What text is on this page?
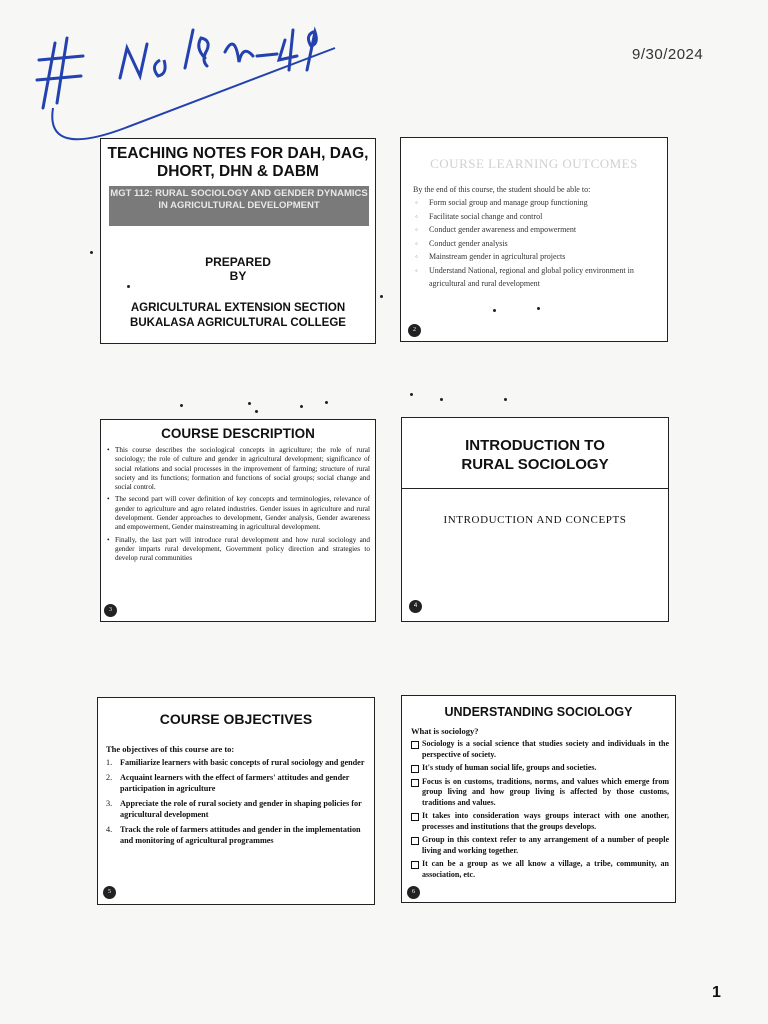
# No 1054 49
9/30/2024
TEACHING NOTES FOR DAH, DAG, DHORT, DHN & DABM
MGT 112: RURAL SOCIOLOGY AND GENDER DYNAMICS IN AGRICULTURAL DEVELOPMENT
PREPARED
BY
AGRICULTURAL EXTENSION SECTION
BUKALASA AGRICULTURAL COLLEGE
COURSE LEARNING OUTCOMES
By the end of this course, the student should be able to:
◦ Form social group and manage group functioning
◦ Facilitate social change and control
◦ Conduct gender awareness and empowerment
◦ Conduct gender analysis
◦ Mainstream gender in agricultural projects
◦ Understand National, regional and global policy environment in agricultural and rural development
2
COURSE DESCRIPTION
• This course describes the sociological concepts in agriculture; the role of rural sociology; the role of culture and gender in agricultural development; significance of social relations and social processes in the improvement of farming; structure of rural society and its functions; formation and functions of social groups; social change and social control.
• The second part will cover definition of key concepts and terminologies, relevance of gender to agriculture and agro related industries. Gender issues in agriculture and rural development. Gender approaches to development, Gender analysis, Gender awareness and empowerment, Gender mainstreaming in agricultural development.
• Finally, the last part will introduce rural development and how rural sociology and gender imparts rural development, Government policy direction and strategies to develop rural communities
3
INTRODUCTION TO
RURAL SOCIOLOGY
INTRODUCTION AND CONCEPTS
4
COURSE OBJECTIVES
The objectives of this course are to:
1. Familiarize learners with basic concepts of rural sociology and gender
2. Acquaint learners with the effect of farmers' attitudes and gender participation in agriculture
3. Appreciate the role of rural society and gender in shaping policies for agricultural development
4. Track the role of farmers attitudes and gender in the implementation and monitoring of agricultural programmes
5
UNDERSTANDING SOCIOLOGY
What is sociology?
Sociology is a social science that studies society and individuals in the perspective of society.
It's study of human social life, groups and societies.
Focus is on customs, traditions, norms, and values which emerge from group living and how group living is affected by those customs, traditions and values.
It takes into consideration ways groups interact with one another, processes and institutions that the groups develops.
Group in this context refer to any arrangement of a number of people living and working together.
It can be a group as we all know a village, a tribe, community, an association, etc.
6
1
